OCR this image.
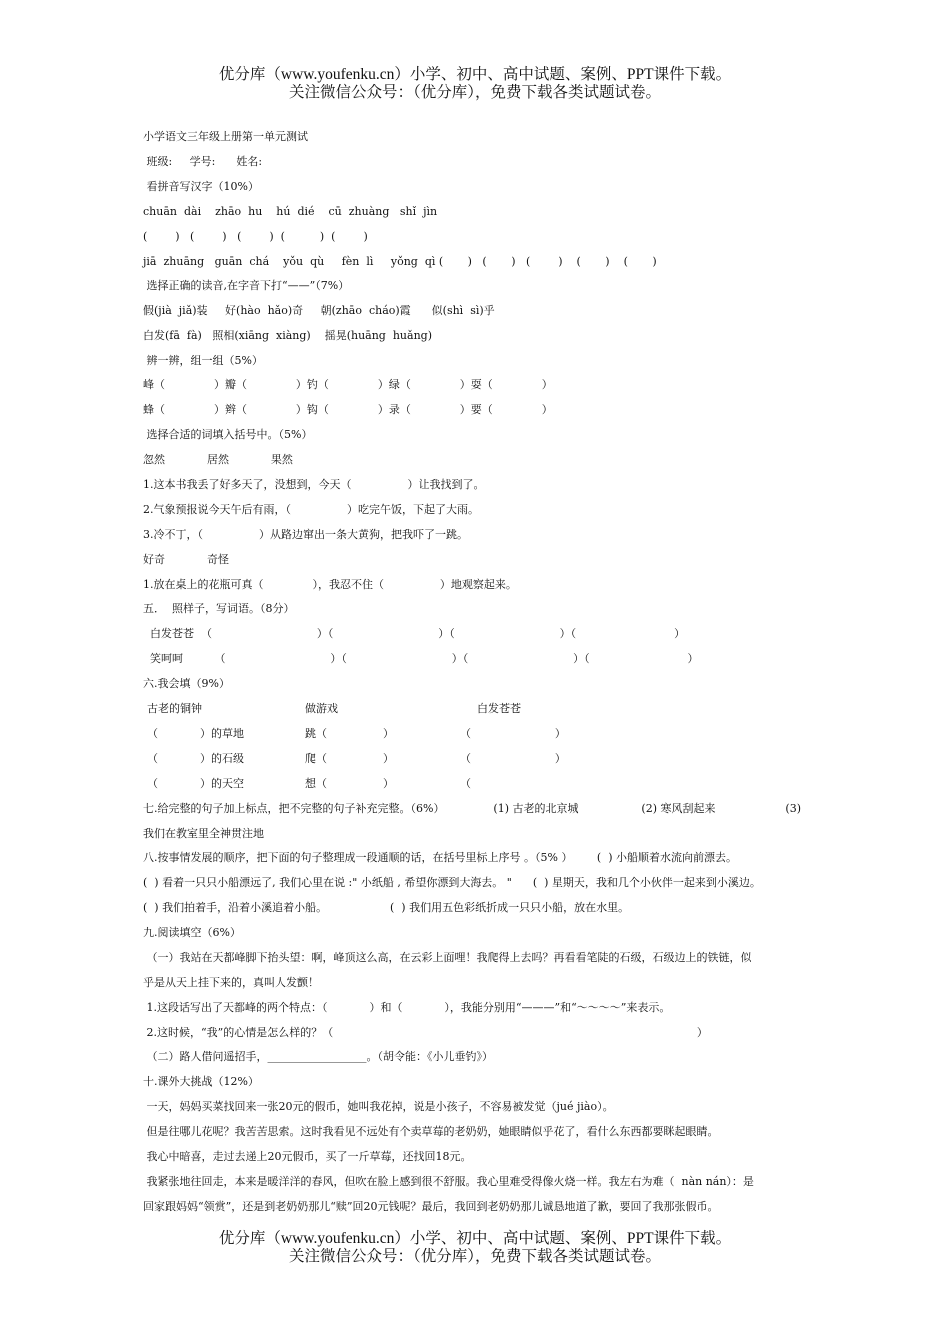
优分库（www.youfenku.cn）小学、初中、高中试题、案例、PPT课件下载。
关注微信公众号：（优分库），免费下载各类试题试卷。
小学语文三年级上册第一单元测试
班级:     学号:      姓名:
看拼音写汉字（10%）
chuān  dài    zhāo  hu    hú  dié    cū  zhuàng   shǐ  jìn
(        )   (        )   (        )  (          )  (        )
jiā  zhuāng   guān  chá    yǒu  qù     fèn  lì     yǒng  qì (       )   (       )   (        )    (       )    (       )
选择正确的读音,在字音下打“——”（7%）
假(jià  jiǎ)装     好(hào  hǎo)奇     朝(zhāo  cháo)霞      似(shì  sì)乎
白发(fā  fà)   照相(xiāng  xiàng)    摇晃(huāng  huǎng)
辨一辨，组一组（5%）
峰（              ）瓣（              ）钓（              ）绿（              ）耍（              ）
蜂（              ）辫（              ）钩（              ）录（              ）要（              ）
选择合适的词填入括号中。（5%）
忽然            居然            果然
1.这本书我丢了好多天了，没想到，今天（                ）让我找到了。
2.气象预报说今天午后有雨，（                ）吃完午饭，下起了大雨。
3.冷不丁，（                ）从路边窜出一条大黄狗，把我吓了一跳。
好奇            奇怪
1.放在桌上的花瓶可真（              ），我忍不住（                ）地观察起来。
五．  照样子，写词语。（8分）
白发苍苍  （                              ）（                              ）（                              ）（                            ）
笑呵呵         （                              ）（                              ）（                              ）（                            ）
六.我会填（9%）
古老的铜钟	做游戏	白发苍苍
（            ）的草地	跳（                ）	（                        ）
（            ）的石级	爬（                ）	（                        ）
（            ）的天空	想（                ）	（
七.给完整的句子加上标点，把不完整的句子补充完整。（6%）              (1) 古老的北京城                  (2) 寒风刮起来                    (3)
我们在教室里全神贯注地
八.按事情发展的顺序，把下面的句子整理成一段通顺的话，在括号里标上序号 。（5% ）       (  ) 小船顺着水流向前漂去。
(  ) 看着一只只小船漂远了, 我们心里在说 :" 小纸船 , 希望你漂到大海去。 "      (  ) 星期天，我和几个小伙伴一起来到小溪边。
(  ) 我们拍着手，沿着小溪追着小船。                  (  ) 我们用五色彩纸折成一只只小船，放在水里。
九.阅读填空（6%）
（一）我站在天都峰脚下抬头望：啊，峰顶这么高，在云彩上面哩！我爬得上去吗？再看看笔陡的石级，石级边上的铁链，似
乎是从天上挂下来的，真叫人发颤！
1.这段话写出了天都峰的两个特点：（            ）和（            ），我能分别用“———”和“～～～～”来表示。
2.这时候，“我”的心情是怎么样的？（                                                                                                        ）
（二）路人借问遥招手，__________________。（胡令能：《小儿垂钓》）
十.课外大挑战（12%）
一天，妈妈买菜找回来一张20元的假币，她叫我花掉，说是小孩子，不容易被发觉（jué jiào）。
但是往哪儿花呢？我苦苦思索。这时我看见不远处有个卖草莓的老奶奶，她眼睛似乎花了，看什么东西都要眯起眼睛。
我心中暗喜，走过去递上20元假币，买了一斤草莓，还找回18元。
我紧张地往回走，本来是暖洋洋的春风，但吹在脸上感到很不舒服。我心里难受得像火烧一样。我左右为难（  nàn nán）：是
回家跟妈妈“领赏”，还是到老奶奶那儿“赎”回20元钱呢？最后，我回到老奶奶那儿诚恳地道了歉，要回了我那张假币。
优分库（www.youfenku.cn）小学、初中、高中试题、案例、PPT课件下载。
关注微信公众号：（优分库），免费下载各类试题试卷。
